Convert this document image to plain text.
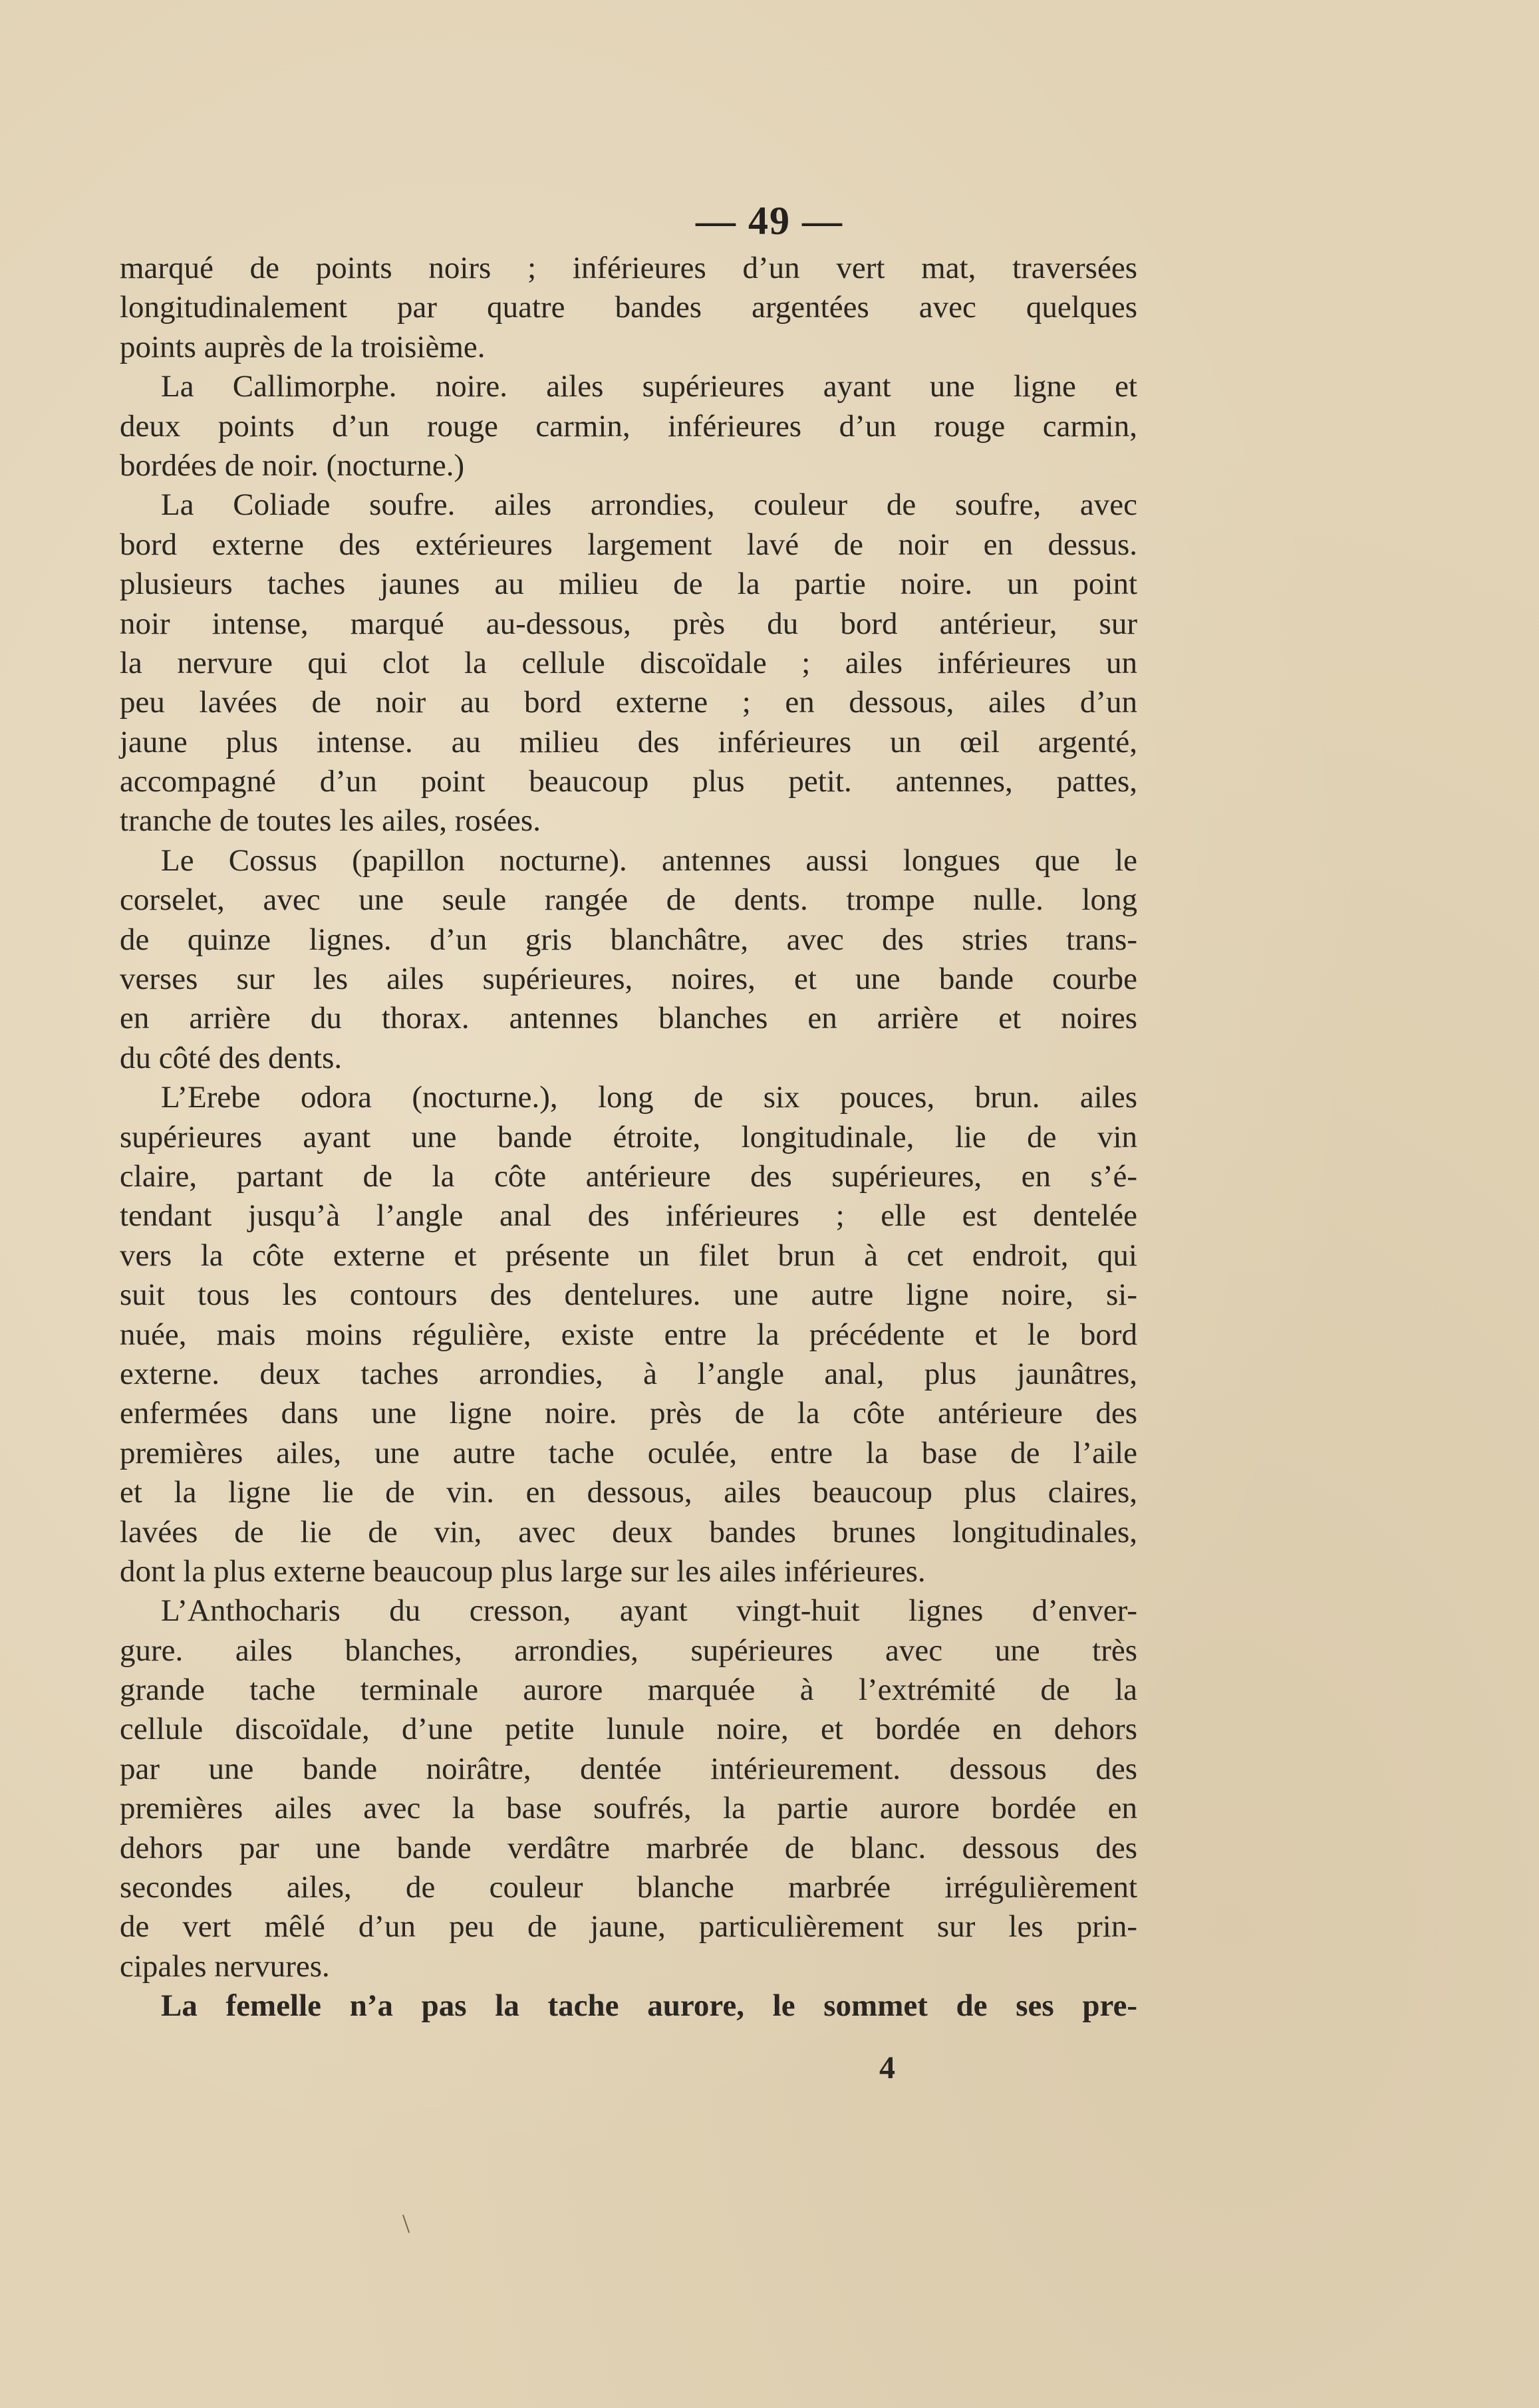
— 49 —
marqué de points noirs ; inférieures d’un vert mat, traversées
longitudinalement par quatre bandes argentées avec quelques
points auprès de la troisième.
La Callimorphe. noire. ailes supérieures ayant une ligne et
deux points d’un rouge carmin, inférieures d’un rouge carmin,
bordées de noir. (nocturne.)
La Coliade soufre. ailes arrondies, couleur de soufre, avec
bord externe des extérieures largement lavé de noir en dessus.
plusieurs taches jaunes au milieu de la partie noire. un point
noir intense, marqué au-dessous, près du bord antérieur, sur
la nervure qui clot la cellule discoïdale ; ailes inférieures un
peu lavées de noir au bord externe ; en dessous, ailes d’un
jaune plus intense. au milieu des inférieures un œil argenté,
accompagné d’un point beaucoup plus petit. antennes, pattes,
tranche de toutes les ailes, rosées.
Le Cossus (papillon nocturne). antennes aussi longues que le
corselet, avec une seule rangée de dents. trompe nulle. long
de quinze lignes. d’un gris blanchâtre, avec des stries trans-
verses sur les ailes supérieures, noires, et une bande courbe
en arrière du thorax. antennes blanches en arrière et noires
du côté des dents.
L’Erebe odora (nocturne.), long de six pouces, brun. ailes
supérieures ayant une bande étroite, longitudinale, lie de vin
claire, partant de la côte antérieure des supérieures, en s’é-
tendant jusqu’à l’angle anal des inférieures ; elle est dentelée
vers la côte externe et présente un filet brun à cet endroit, qui
suit tous les contours des dentelures. une autre ligne noire, si-
nuée, mais moins régulière, existe entre la précédente et le bord
externe. deux taches arrondies, à l’angle anal, plus jaunâtres,
enfermées dans une ligne noire. près de la côte antérieure des
premières ailes, une autre tache oculée, entre la base de l’aile
et la ligne lie de vin. en dessous, ailes beaucoup plus claires,
lavées de lie de vin, avec deux bandes brunes longitudinales,
dont la plus externe beaucoup plus large sur les ailes inférieures.
L’Anthocharis du cresson, ayant vingt-huit lignes d’enver-
gure. ailes blanches, arrondies, supérieures avec une très
grande tache terminale aurore marquée à l’extrémité de la
cellule discoïdale, d’une petite lunule noire, et bordée en dehors
par une bande noirâtre, dentée intérieurement. dessous des
premières ailes avec la base soufrés, la partie aurore bordée en
dehors par une bande verdâtre marbrée de blanc. dessous des
secondes ailes, de couleur blanche marbrée irrégulièrement
de vert mêlé d’un peu de jaune, particulièrement sur les prin-
cipales nervures.
La femelle n’a pas la tache aurore, le sommet de ses pre-
4
\
